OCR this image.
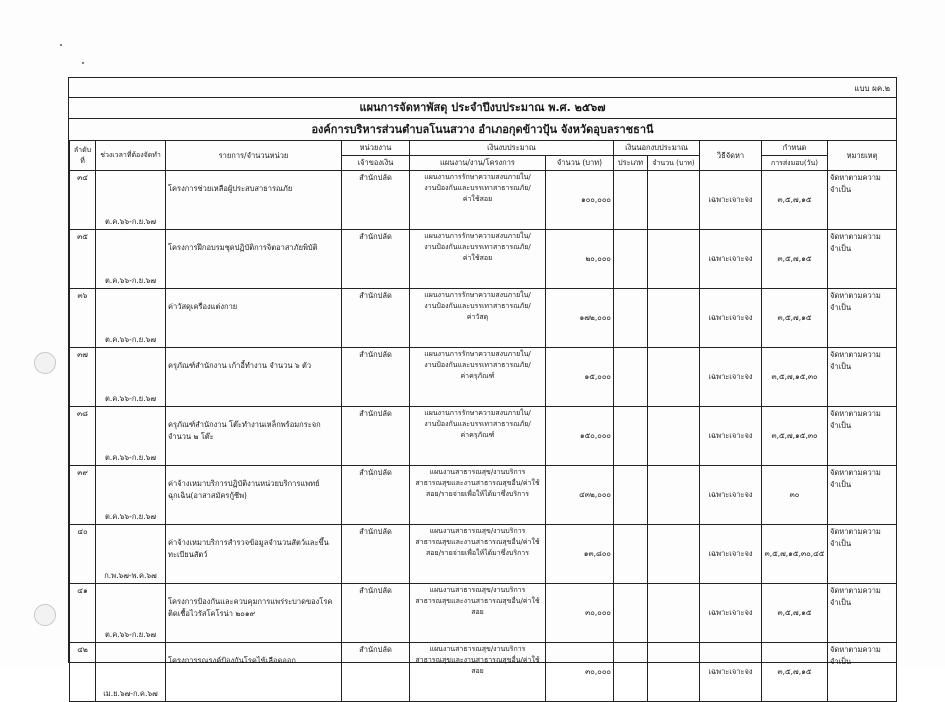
แบบ ผค.๒
แผนการจัดหาพัสดุ ประจำปีงบประมาณ พ.ศ. ๒๕๖๗
องค์การบริหารส่วนตำบลโนนสวาง อำเภอกุดข้าวปุ้น จังหวัดอุบลราชธานี
ลำดับที่	ช่วงเวลาที่ต้องจัดทำ	รายการ/จำนวนหน่วย	หน่วยงาน	เงินงบประมาณ		เงินนอกงบประมาณ		วิธีจัดหา	กำหนด	หมายเหตุ
			เจ้าของเงิน	แผนงาน/งาน/โครงการ	จำนวน (บาท)	ประเภท	จำนวน (บาท)		การส่งมอบ(วัน)	
๓๔	ต.ค.๖๖-ก.ย.๖๗	โครงการช่วยเหลือผู้ประสบสาธารณภัย	สำนักปลัด	แผนงานการรักษาความสงบภายใน/
งานป้องกันและบรรเทาสาธารณภัย/
ค่าใช้สอย	๑๐๐,๐๐๐			เฉพาะเจาะจง	๓,๕,๗,๑๕	จัดหาตามความจำเป็น
๓๕	ต.ค.๖๖-ก.ย.๖๗	โครงการฝึกอบรมชุดปฏิบัติการจิตอาสาภัยพิบัติ	สำนักปลัด	แผนงานการรักษาความสงบภายใน/
งานป้องกันและบรรเทาสาธารณภัย/
ค่าใช้สอย	๒๐,๐๐๐			เฉพาะเจาะจง	๓,๕,๗,๑๕	จัดหาตามความจำเป็น
๓๖	ต.ค.๖๖-ก.ย.๖๗	ค่าวัสดุเครื่องแต่งกาย	สำนักปลัด	แผนงานการรักษาความสงบภายใน/
งานป้องกันและบรรเทาสาธารณภัย/
ค่าวัสดุ	๑๗๒,๐๐๐			เฉพาะเจาะจง	๓,๕,๗,๑๕	จัดหาตามความจำเป็น
๓๗	ต.ค.๖๖-ก.ย.๖๗	ครุภัณฑ์สำนักงาน เก้าอี้ทำงาน จำนวน ๖ ตัว	สำนักปลัด	แผนงานการรักษาความสงบภายใน/
งานป้องกันและบรรเทาสาธารณภัย/
ค่าครุภัณฑ์	๑๕,๐๐๐			เฉพาะเจาะจง	๓,๕,๗,๑๕,๓๐	จัดหาตามความจำเป็น
๓๘	ต.ค.๖๖-ก.ย.๖๗	ครุภัณฑ์สำนักงาน โต๊ะทำงานเหล็กพร้อมกระจก จำนวน ๒ โต๊ะ	สำนักปลัด	แผนงานการรักษาความสงบภายใน/
งานป้องกันและบรรเทาสาธารณภัย/
ค่าครุภัณฑ์	๑๕๐,๐๐๐			เฉพาะเจาะจง	๓,๕,๗,๑๕,๓๐	จัดหาตามความจำเป็น
๓๙	ต.ค.๖๖-ก.ย.๖๗	ค่าจ้างเหมาบริการปฏิบัติงานหน่วยบริการแพทย์ฉุกเฉิน(อาสาสมัครกู้ชีพ)	สำนักปลัด	แผนงานสาธารณสุข/งานบริการ
สาธารณสุขและงานสาธารณสุขอื่น/ค่าใช้
สอย/รายจ่ายเพื่อให้ได้มาซึ่งบริการ	๔๓๒,๐๐๐			เฉพาะเจาะจง	๓๐	จัดหาตามความจำเป็น
๔๐	ก.พ.๖๗-พ.ค.๖๗	ค่าจ้างเหมาบริการสำรวจข้อมูลจำนวนสัตว์และขึ้นทะเบียนสัตว์	สำนักปลัด	แผนงานสาธารณสุข/งานบริการ
สาธารณสุขและงานสาธารณสุขอื่น/ค่าใช้
สอย/รายจ่ายเพื่อให้ได้มาซึ่งบริการ	๑๓,๘๐๐			เฉพาะเจาะจง	๓,๕,๗,๑๕,๓๐,๔๕	จัดหาตามความจำเป็น
๔๑	ต.ค.๖๖-ก.ย.๖๗	โครงการป้องกันและควบคุมการแพร่ระบาดของโรคติดเชื้อไวรัสโคโรน่า ๒๐๑๙	สำนักปลัด	แผนงานสาธารณสุข/งานบริการ
สาธารณสุขและงานสาธารณสุขอื่น/ค่าใช้
สอย	๓๐,๐๐๐			เฉพาะเจาะจง	๓,๕,๗,๑๕	จัดหาตามความจำเป็น
๔๒	เม.ย.๖๗-ก.ค.๖๗	โครงการรณรงค์ป้องกันโรคไข้เลือดออก	สำนักปลัด	แผนงานสาธารณสุข/งานบริการ
สาธารณสุขและงานสาธารณสุขอื่น/ค่าใช้
สอย	๓๐,๐๐๐			เฉพาะเจาะจง	๓,๕,๗,๑๕	จัดหาตามความจำเป็น
